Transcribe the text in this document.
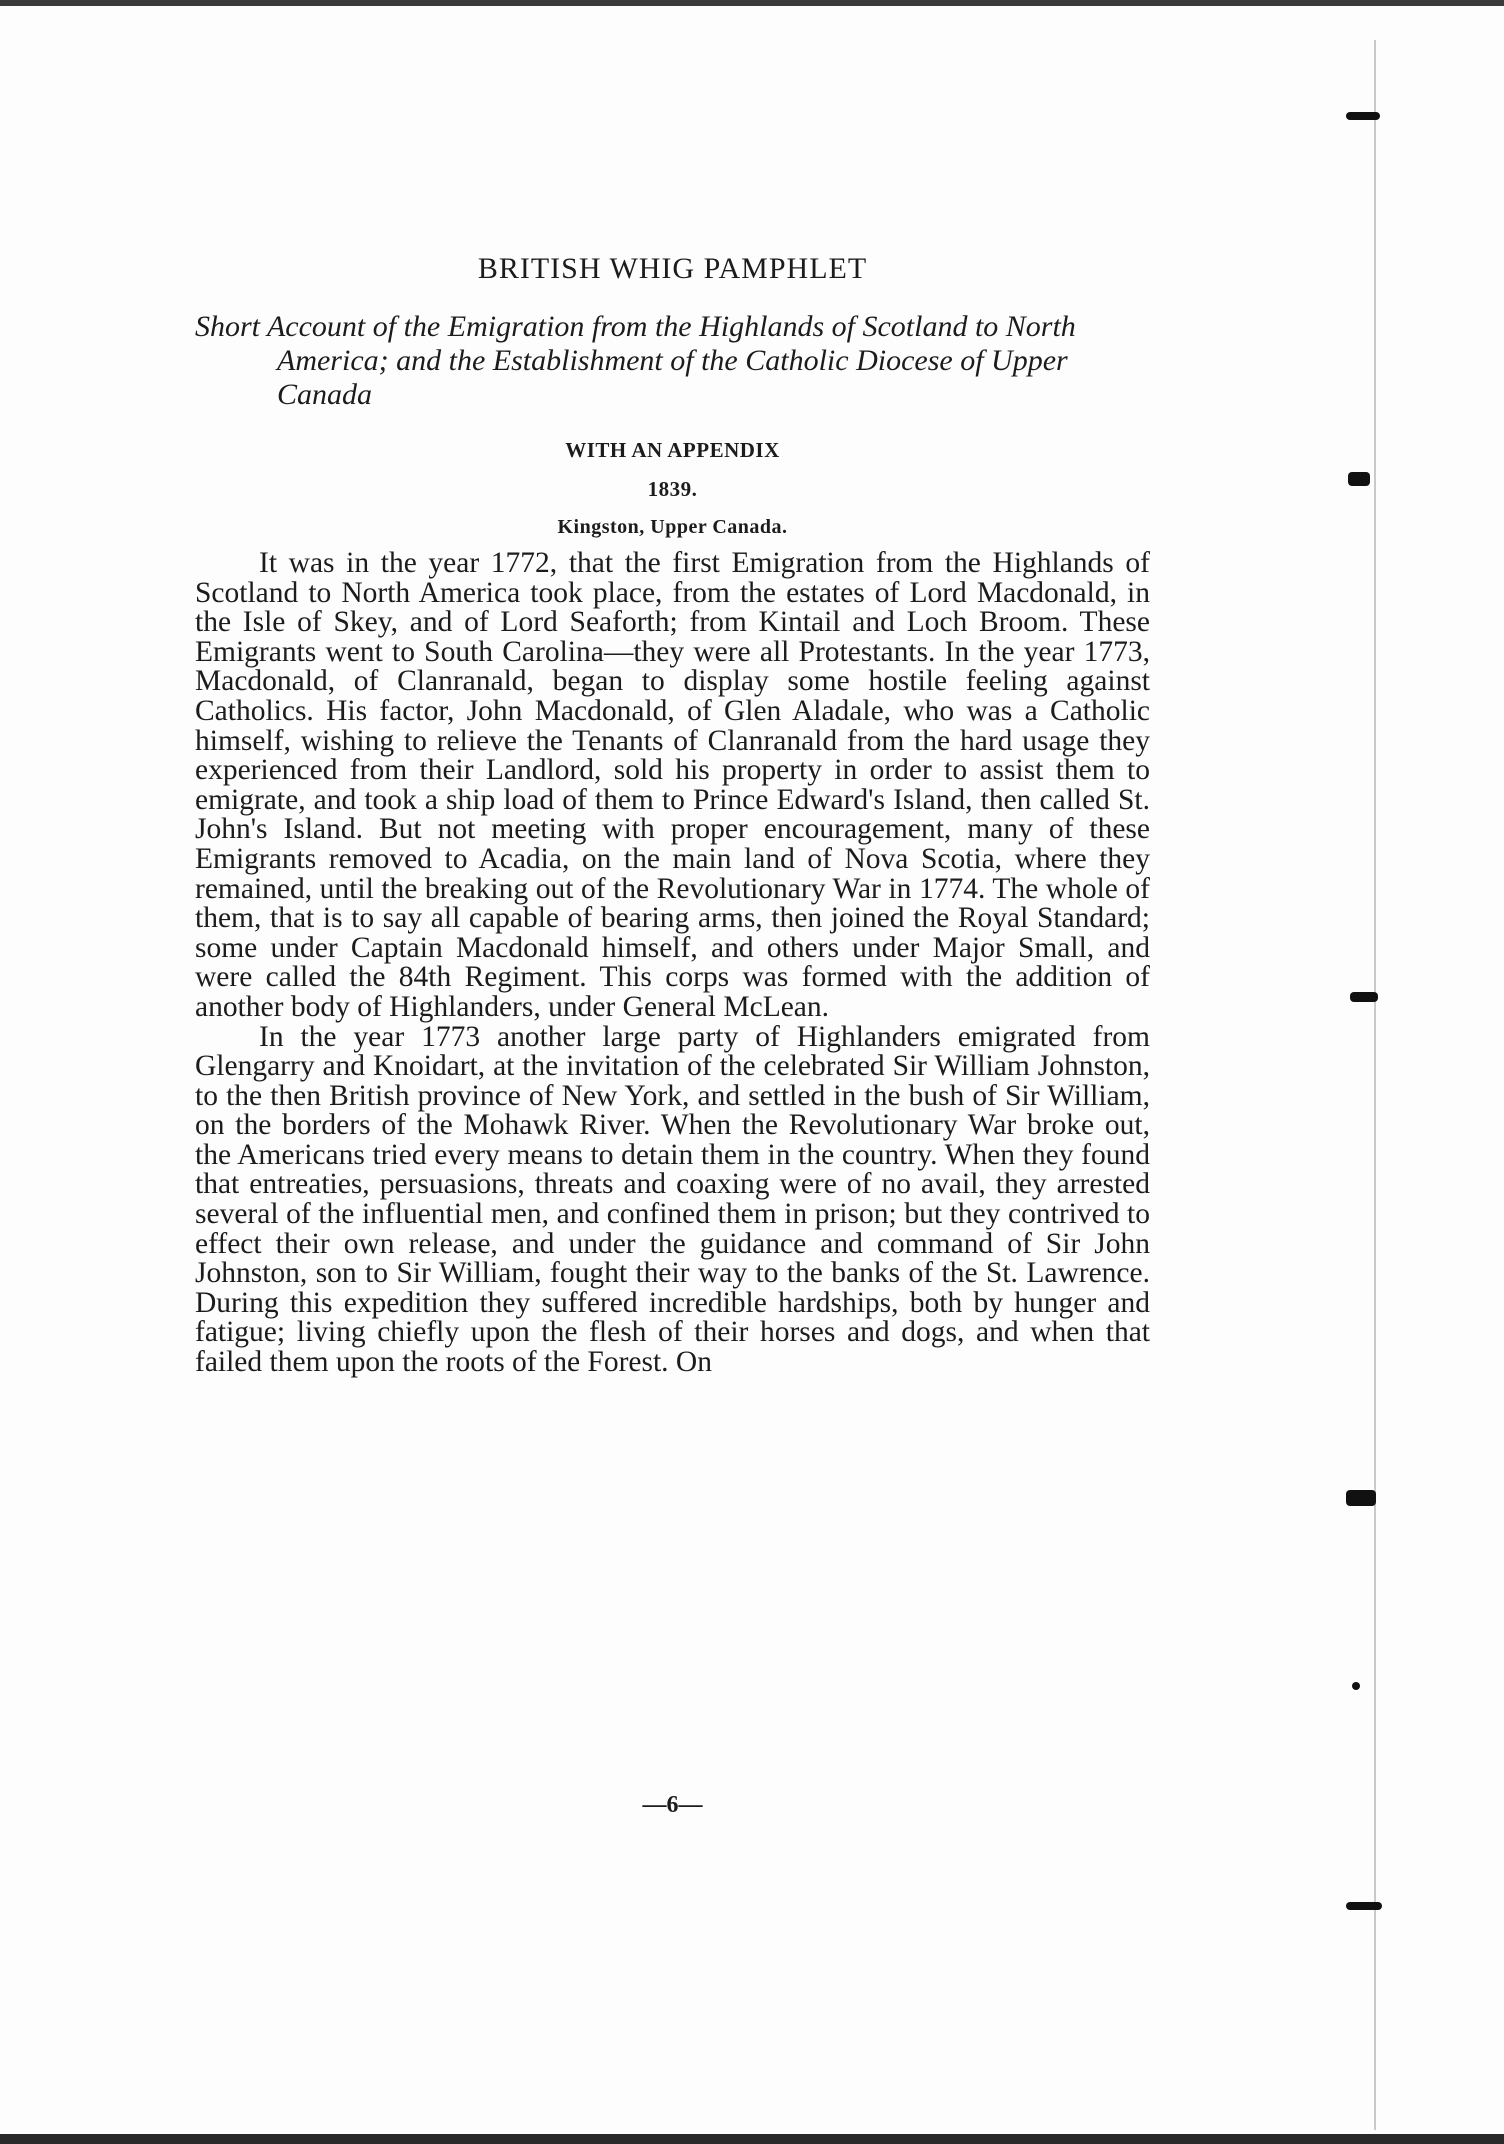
BRITISH WHIG PAMPHLET

Short Account of the Emigration from the Highlands of Scotland to North America; and the Establishment of the Catholic Diocese of Upper Canada

WITH AN APPENDIX

1839.

Kingston, Upper Canada.

It was in the year 1772, that the first Emigration from the Highlands of Scotland to North America took place, from the estates of Lord Macdonald, in the Isle of Skey, and of Lord Seaforth; from Kintail and Loch Broom. These Emigrants went to South Carolina—they were all Protestants. In the year 1773, Macdonald, of Clanranald, began to display some hostile feeling against Catholics. His factor, John Macdonald, of Glen Aladale, who was a Catholic himself, wishing to relieve the Tenants of Clanranald from the hard usage they experienced from their Landlord, sold his property in order to assist them to emigrate, and took a ship load of them to Prince Edward's Island, then called St. John's Island. But not meeting with proper encouragement, many of these Emigrants removed to Acadia, on the main land of Nova Scotia, where they remained, until the breaking out of the Revolutionary War in 1774. The whole of them, that is to say all capable of bearing arms, then joined the Royal Standard; some under Captain Macdonald himself, and others under Major Small, and were called the 84th Regiment. This corps was formed with the addition of another body of Highlanders, under General McLean.

In the year 1773 another large party of Highlanders emigrated from Glengarry and Knoidart, at the invitation of the celebrated Sir William Johnston, to the then British province of New York, and settled in the bush of Sir William, on the borders of the Mohawk River. When the Revolutionary War broke out, the Americans tried every means to detain them in the country. When they found that entreaties, persuasions, threats and coaxing were of no avail, they arrested several of the influential men, and confined them in prison; but they contrived to effect their own release, and under the guidance and command of Sir John Johnston, son to Sir William, fought their way to the banks of the St. Lawrence. During this expedition they suffered incredible hardships, both by hunger and fatigue; living chiefly upon the flesh of their horses and dogs, and when that failed them upon the roots of the Forest. On

—6—
